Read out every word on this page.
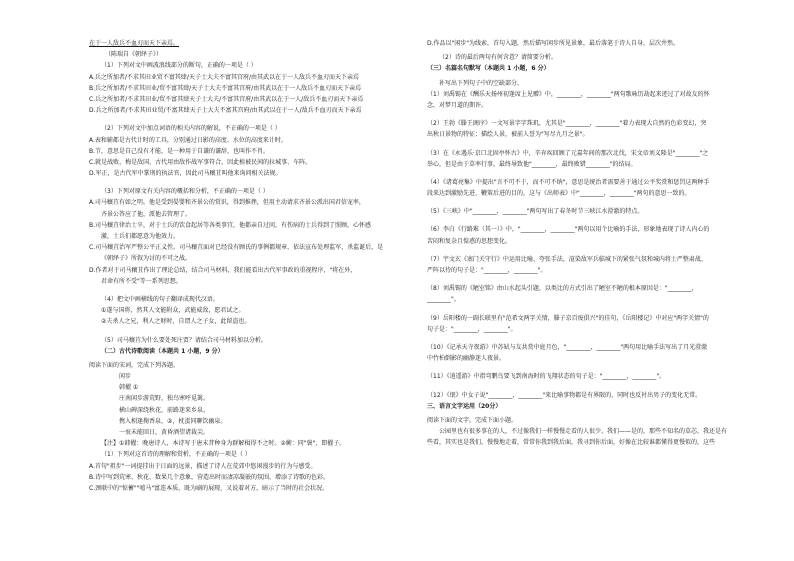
在于一人敌兵不血刃而天下亲焉。
（陈瑞自《朝绎子》）
（1）下列对文中画波浪线部分的断句，正确的一项是（ ）
A.兵之所加者/不求其田业贸不富其肆/天子士大夫不富其宫府/由其武以在于一人敌兵不血刃而天下亲焉
B.兵之所加者/不求其田业/贸不富其肆/天子士大夫不富其宫府/由其武以在于一人敌兵不血刃而天下亲焉
C.兵之所加者/不求其田业/贸不富其肆天子士大夫/不富其宫府/由其武以在于一人/敌兵不血刃而天下亲焉
D.兵之所加者/不求其田业贸/不富其肆天子士大夫不富其宫府/由其武以在于一人/敌兵不血刃而天下亲焉
（2）下列对文中加点词语的相关内容的解说，不正确的一项是（ ）
A.表和辅都是古代计时的工具，分别通过日影的高度、水位的高度来计时。
B.节，意思是自己没有才能，是一种用于自谦的谦辞，也叫作不肖。
C.就是战败，梅是敌国，古代用由敌作战军事符合，因此植被民间的拉城事、车阵。
D.军正，是古代军中掌刑的执法官，因此司马穰苴叫他来询问相关法规。
（3）下列对原文有关内容的概括和分析，不正确的一项是（ ）
A.司马穰苴有如之明。他是受到晏婴和齐景公的赏识，得到推挫，但用主动请求齐景公派出国君信宠率，
齐景公答应了他，派他去管理了。
B.司马穰苴律治士卒，对于士兵的饮食起居等各类事宜，他都亲自过问，有伤病的士兵得到了照顾，心怀感
激，士兵们都愿意为他效力。
C.司马穰苴治军严整公平正义性。司马穰苴面对已经没有顾氏的事例都规章，依法宣布处理监军，杀监诞后，是
《朝绎子》所叙为讨的不可之战。
D.作者对于司马穰苴作出了理论总结，结合司马材料，我们能看出古代军事政的重视程序，"将在外，
君命有所不受"等一系列思想。
（4）把文中画横线的句子翻译成现代汉语。
①遂与国将，然其人文能附众，武能威敌，愿君试之。
②夫杀人之兄，利人之财时，自谓人之子女，此留盗也。
（5）司马穰苴为什么要处死庄贾？请结合司马材料加以分析。
（二）古代诗歌阅读（本题共 1 小题，9 分）
阅读下面的宋词，完成下列各题。
闲步
韩擢 ①
庄南闲步游荒野，独鸟寒呼觅篱。
横山碑深绕秋花，前路迷来乡泉。
携入相逢掬香泉，②，枕蛋同聊饮幽泉。
一衮未能回日，黄昏酒望诸裁尖。
【注】①韩擢：晚唐诗人，本诗写于唐末昔种身为群解楫得不之时。②蕨：同"褒"，即擢子。
（1）下列对这首诗的理解和赏析，不正确的一项是（ ）
A.首句"祖步"一词提挂出于日面的远景，描述了诗人在荒郊中悠闲漫步的行为与感受。
B.诗中写到荒寒、秋花、数果几个意象，营造出时而凄凉凝嵌的氛围，增添了诗歌的色彩。
C.颈联中的"惊蓄""嘻马"富连本质，既为刷的展现，又说着对方，暗示了当时的社会状况。
D.作品以"闲步"为线索，首句入题，然后描写闲步所见景象，最后落笔于诗人自身，层次井然。
（2）诗的最后两句有何含意？请简要分析。
（三）名篇名句默写（本题共 1 小题，6 分）
补写出下列句子中的空缺部分。
（1）刘禹锡在《酬乐天扬州初逢席上见赠》中，________，________"两句歌咏历劫起来迹过了对故友的怀
念，对梦月道的期许。
（2）王勃《滕王阁序》一文写景字字珠玑，尤其是"________，________"着力表现大自然的色彩变幻，突
出秋日景物的特征；描绘人景，被前人誉为"写尽九月之景"。
（3）在《永遇乐·京口北固亭怀古》中，辛弃疾回顾了元嘉年间的那次北伐，宋文帝刘义隆是"________"之
举心，但是由于草率行事，最终导致他"________，最终败错________"的结局。
（4）《诸葛亮集》中提出"言不可不于，而不可不纳"，意思是统治者需要善于通过公平奖赏和惩罚这两种手
段来达到激励先进、鞭策后进的目的，这与《出师表》中"________，________"两句的意思一致的。
（5）《三峡》中"________，________"两句写出了春冬时节三峡江水澄澈的特点。
（6）李白《行路难（其一）》中，"________，________"两句以用个比喻的手法，形象地表现了诗人内心的
苦闷和复杂且惶惑的思想变化。
（7）宇文玄《塞门关守行》中运用比喻、夸张手法，渲染敌军兵临城下的紧张气氛和城内将士严整肃战、
严阵以待的句子是："________，________"。
（8）刘禹锡的《陋室铭》由山水起头引题，以类比的方式引出了陋室不陋的根本原因是："________，
________"。
（9）岳阳楼的一副长联里有"范希文两字关情，滕子京百废俱兴"的佳句，《岳阳楼记》中对应"两字关情"的
句子是："________，________"。
（10）《记承天寺夜游》中苏轼与友共赏中庭月色，"________，________"两句用比喻手法写出了月光澄澈
中竹柏倒影的幽静迷人夜景。
（11）《逍遥游》中指弯鹏鸟要飞到南海时的飞翔状态的句子是："________，________"。
（12）《氓》中女子说"________，________"来比喻事物都是有界限的，同时也反衬出男子的变化无常。
三、语言文字运用（20分）
阅读下面的文字，完成下面小题。
公园里也有很多事在的人，不过像我们一样慢慢走看的人很少。我们——是的，那些不知名的草芯，我还是有
些看，其实也是我们，慢慢地走着，常常你我到我后面，我寻到你后面，好像在比较谁都懂得更慢似的，这些
